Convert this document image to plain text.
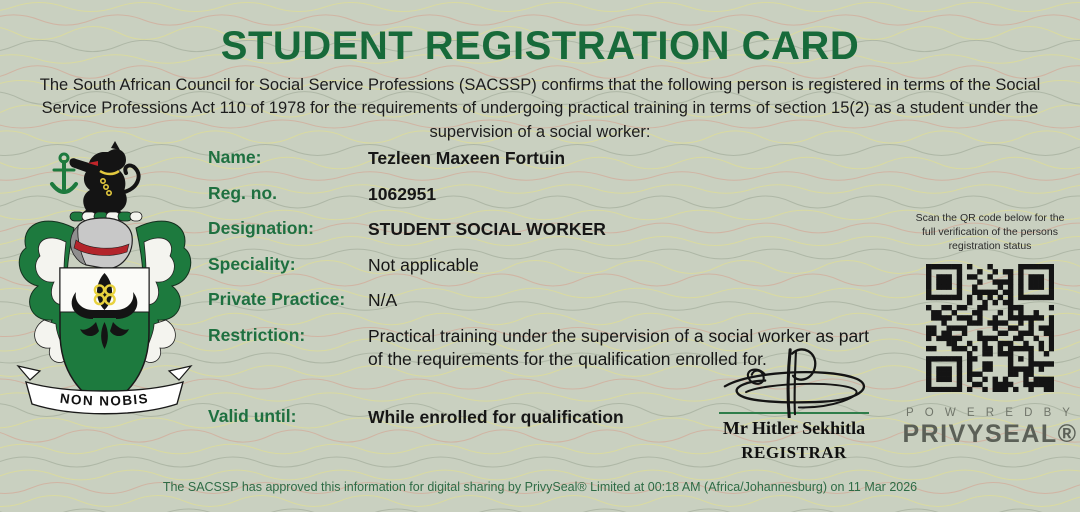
STUDENT REGISTRATION CARD

The South African Council for Social Service Professions (SACSSP) confirms that the following person is registered in terms of the Social Service Professions Act 110 of 1978 for the requirements of undergoing practical training in terms of section 15(2) as a student under the supervision of a social worker:

NON NOBIS
Name:	Tezleen Maxeen Fortuin
Reg. no.	1062951
Designation:	STUDENT SOCIAL WORKER
Speciality:	Not applicable
Private Practice:	N/A
Restriction:	Practical training under the supervision of a social worker as part of the requirements for the qualification enrolled for.
Valid until:	While enrolled for qualification
Mr Hitler Sekhitla
REGISTRAR
Scan the QR code below for the full verification of the persons registration status
P O W E R E D B Y
PRIVYSEAL®
The SACSSP has approved this information for digital sharing by PrivySeal® Limited at 00:18 AM (Africa/Johannesburg) on 11 Mar 2026
